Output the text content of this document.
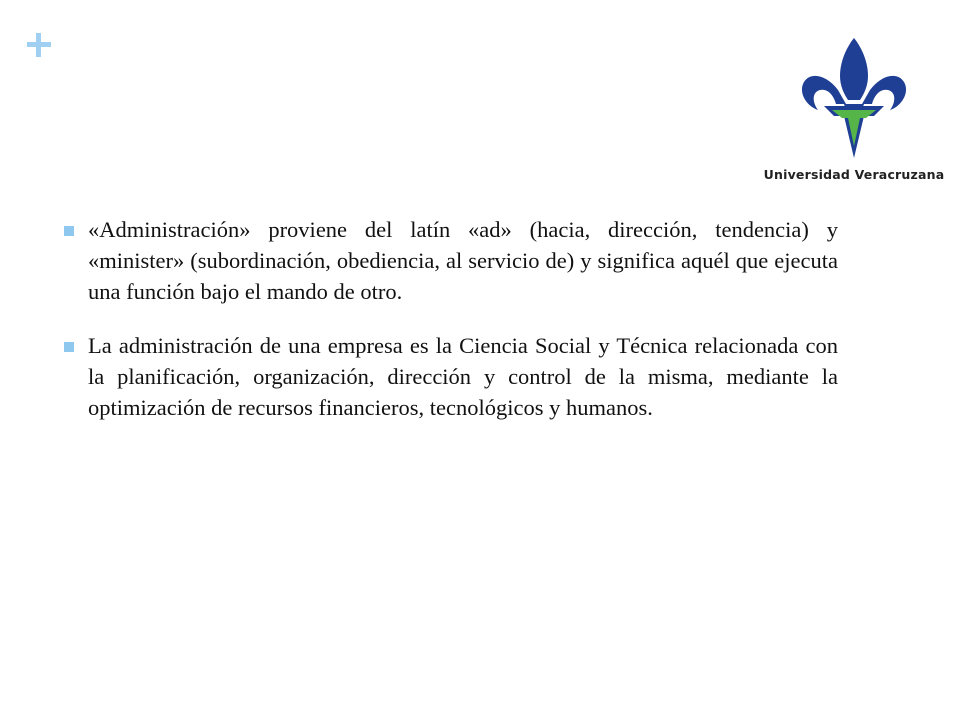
Universidad Veracruzana
«Administración» proviene del latín «ad» (hacia, dirección, tendencia) y «minister» (subordinación, obediencia, al servicio de) y significa aquél que ejecuta una función bajo el mando de otro.
La administración de una empresa es la Ciencia Social y Técnica relacionada con la planificación, organización, dirección y control de la misma, mediante la optimización de recursos financieros, tecnológicos y humanos.
